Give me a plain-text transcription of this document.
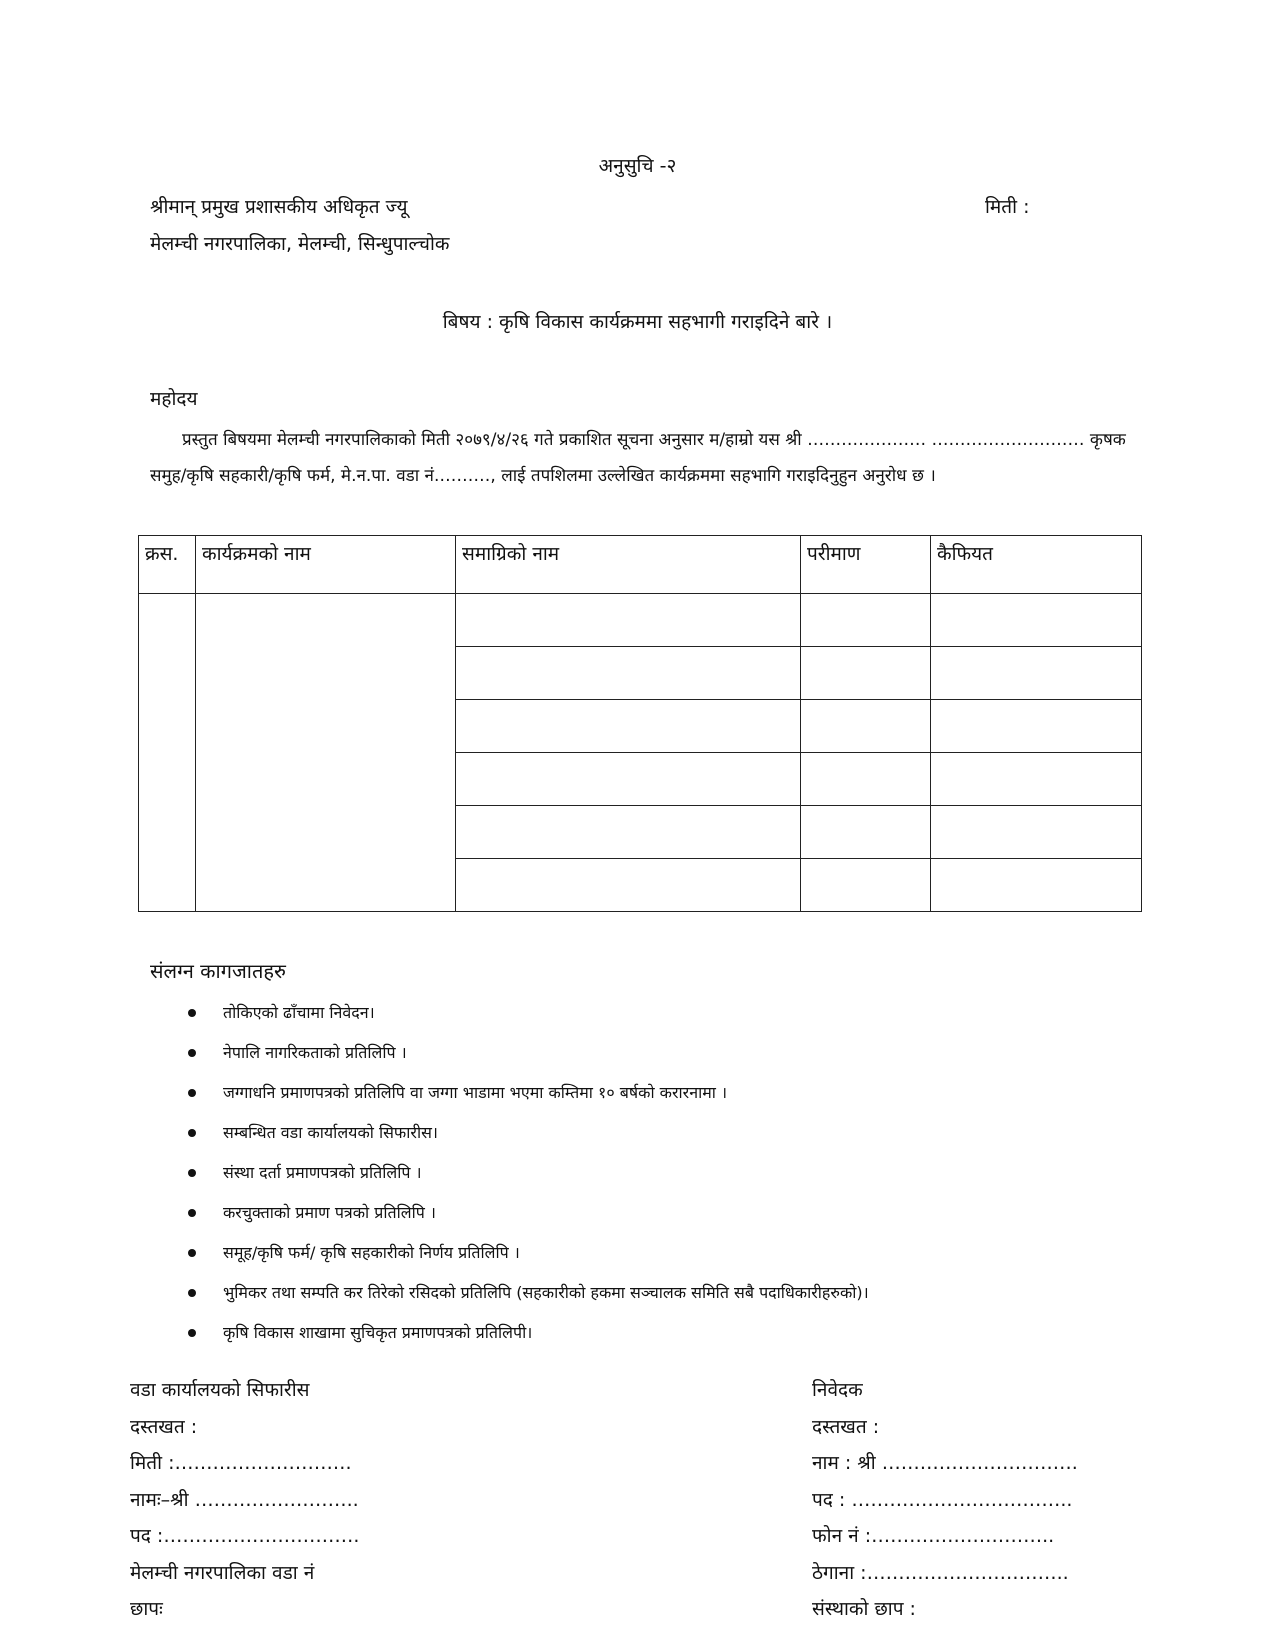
अनुसुचि -२
श्रीमान् प्रमुख प्रशासकीय अधिकृत ज्यू	मिती :
मेलम्ची नगरपालिका, मेलम्ची, सिन्धुपाल्चोक
बिषय : कृषि विकास कार्यक्रममा सहभागी गराइदिने बारे ।
महोदय
प्रस्तुत बिषयमा मेलम्ची नगरपालिकाको मिती २०७९/४/२६ गते प्रकाशित सूचना अनुसार म/हाम्रो यस श्री ………………… ……………………… कृषक समुह/कृषि सहकारी/कृषि फर्म, मे.न.पा. वडा नं.………, लाई तपशिलमा उल्लेखित कार्यक्रममा सहभागि गराइदिनुहुन अनुरोध छ ।
क्रस.	कार्यक्रमको नाम	समाग्रिको नाम	परीमाण	कैफियत

संलग्न कागजातहरु
तोकिएको ढाँचामा निवेदन।
नेपालि नागरिकताको प्रतिलिपि ।
जग्गाधनि प्रमाणपत्रको प्रतिलिपि वा जग्गा भाडामा भएमा कम्तिमा १० बर्षको करारनामा ।
सम्बन्धित वडा कार्यालयको सिफारीस।
संस्था दर्ता प्रमाणपत्रको प्रतिलिपि ।
करचुक्ताको प्रमाण पत्रको प्रतिलिपि ।
समूह/कृषि फर्म/ कृषि सहकारीको निर्णय प्रतिलिपि ।
भुमिकर तथा सम्पति कर तिरेको रसिदको प्रतिलिपि (सहकारीको हकमा सञ्चालक समिति सबै पदाधिकारीहरुको)।
कृषि विकास शाखामा सुचिकृत प्रमाणपत्रको प्रतिलिपी।
वडा कार्यालयको सिफारीस
दस्तखत :
मिती :……………………….
नामः–श्री ……………………..
पद :………………………….
मेलम्ची नगरपालिका वडा नं
छापः
निवेदक
दस्तखत :
नाम : श्री ………………………….
पद : ……………………………..
फोन नं :………………………..
ठेगाना :…………………………..
संस्थाको छाप :
